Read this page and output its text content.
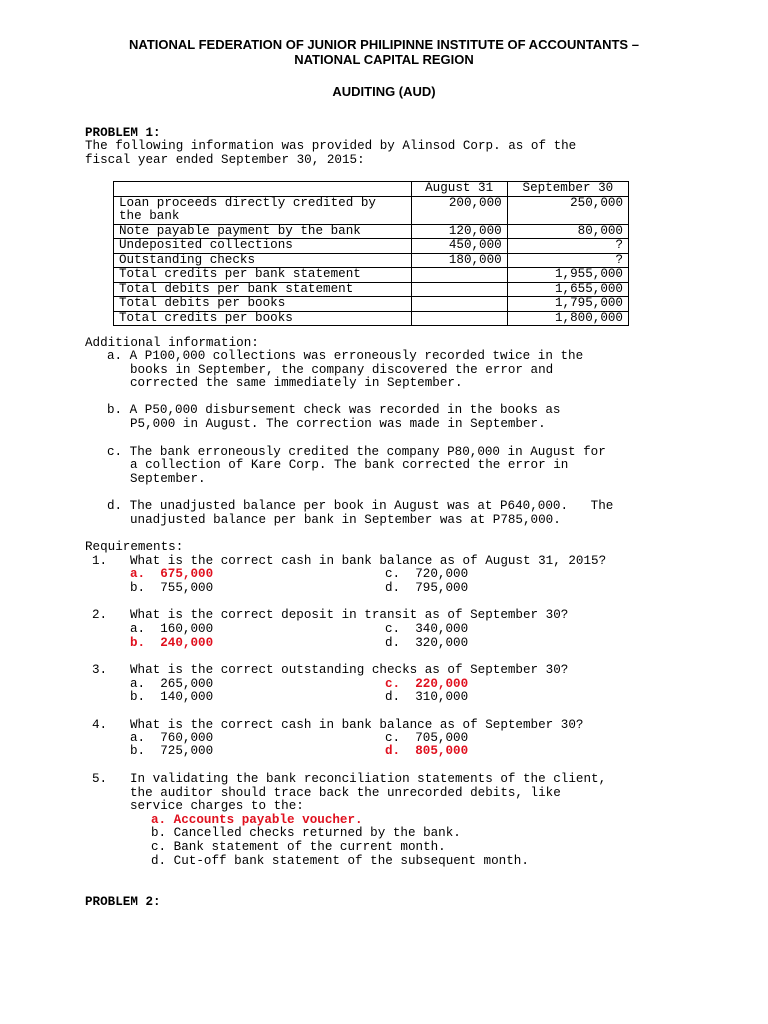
NATIONAL FEDERATION OF JUNIOR PHILIPINNE INSTITUTE OF ACCOUNTANTS –

NATIONAL CAPITAL REGION

AUDITING (AUD)

PROBLEM 1:

The following information was provided by Alinsod Corp. as of the

fiscal year ended September 30, 2015:

	August 31	September 30
Loan proceeds directly credited by
the bank	200,000	250,000
Note payable payment by the bank	120,000	80,000
Undeposited collections	450,000	?
Outstanding checks	180,000	?
Total credits per bank statement		1,955,000
Total debits per bank statement		1,655,000
Total debits per books		1,795,000
Total credits per books		1,800,000

Additional information:

a. A P100,000 collections was erroneously recorded twice in the

books in September, the company discovered the error and

corrected the same immediately in September.

b. A P50,000 disbursement check was recorded in the books as

P5,000 in August. The correction was made in September.

c. The bank erroneously credited the company P80,000 in August for

a collection of Kare Corp. The bank corrected the error in

September.

d. The unadjusted balance per book in August was at P640,000.   The

unadjusted balance per bank in September was at P785,000.

Requirements:

1. What is the correct cash in bank balance as of August 31, 2015?

a.  675,000	c.  720,000

b.  755,000	d.  795,000

2. What is the correct deposit in transit as of September 30?

a.  160,000	c.  340,000

b.  240,000	d.  320,000

3. What is the correct outstanding checks as of September 30?

a.  265,000	c.  220,000

b.  140,000	d.  310,000

4. What is the correct cash in bank balance as of September 30?

a.  760,000	c.  705,000

b.  725,000	d.  805,000

5. In validating the bank reconciliation statements of the client,

the auditor should trace back the unrecorded debits, like

service charges to the:

a. Accounts payable voucher.

b. Cancelled checks returned by the bank.

c. Bank statement of the current month.

d. Cut-off bank statement of the subsequent month.

PROBLEM 2:
